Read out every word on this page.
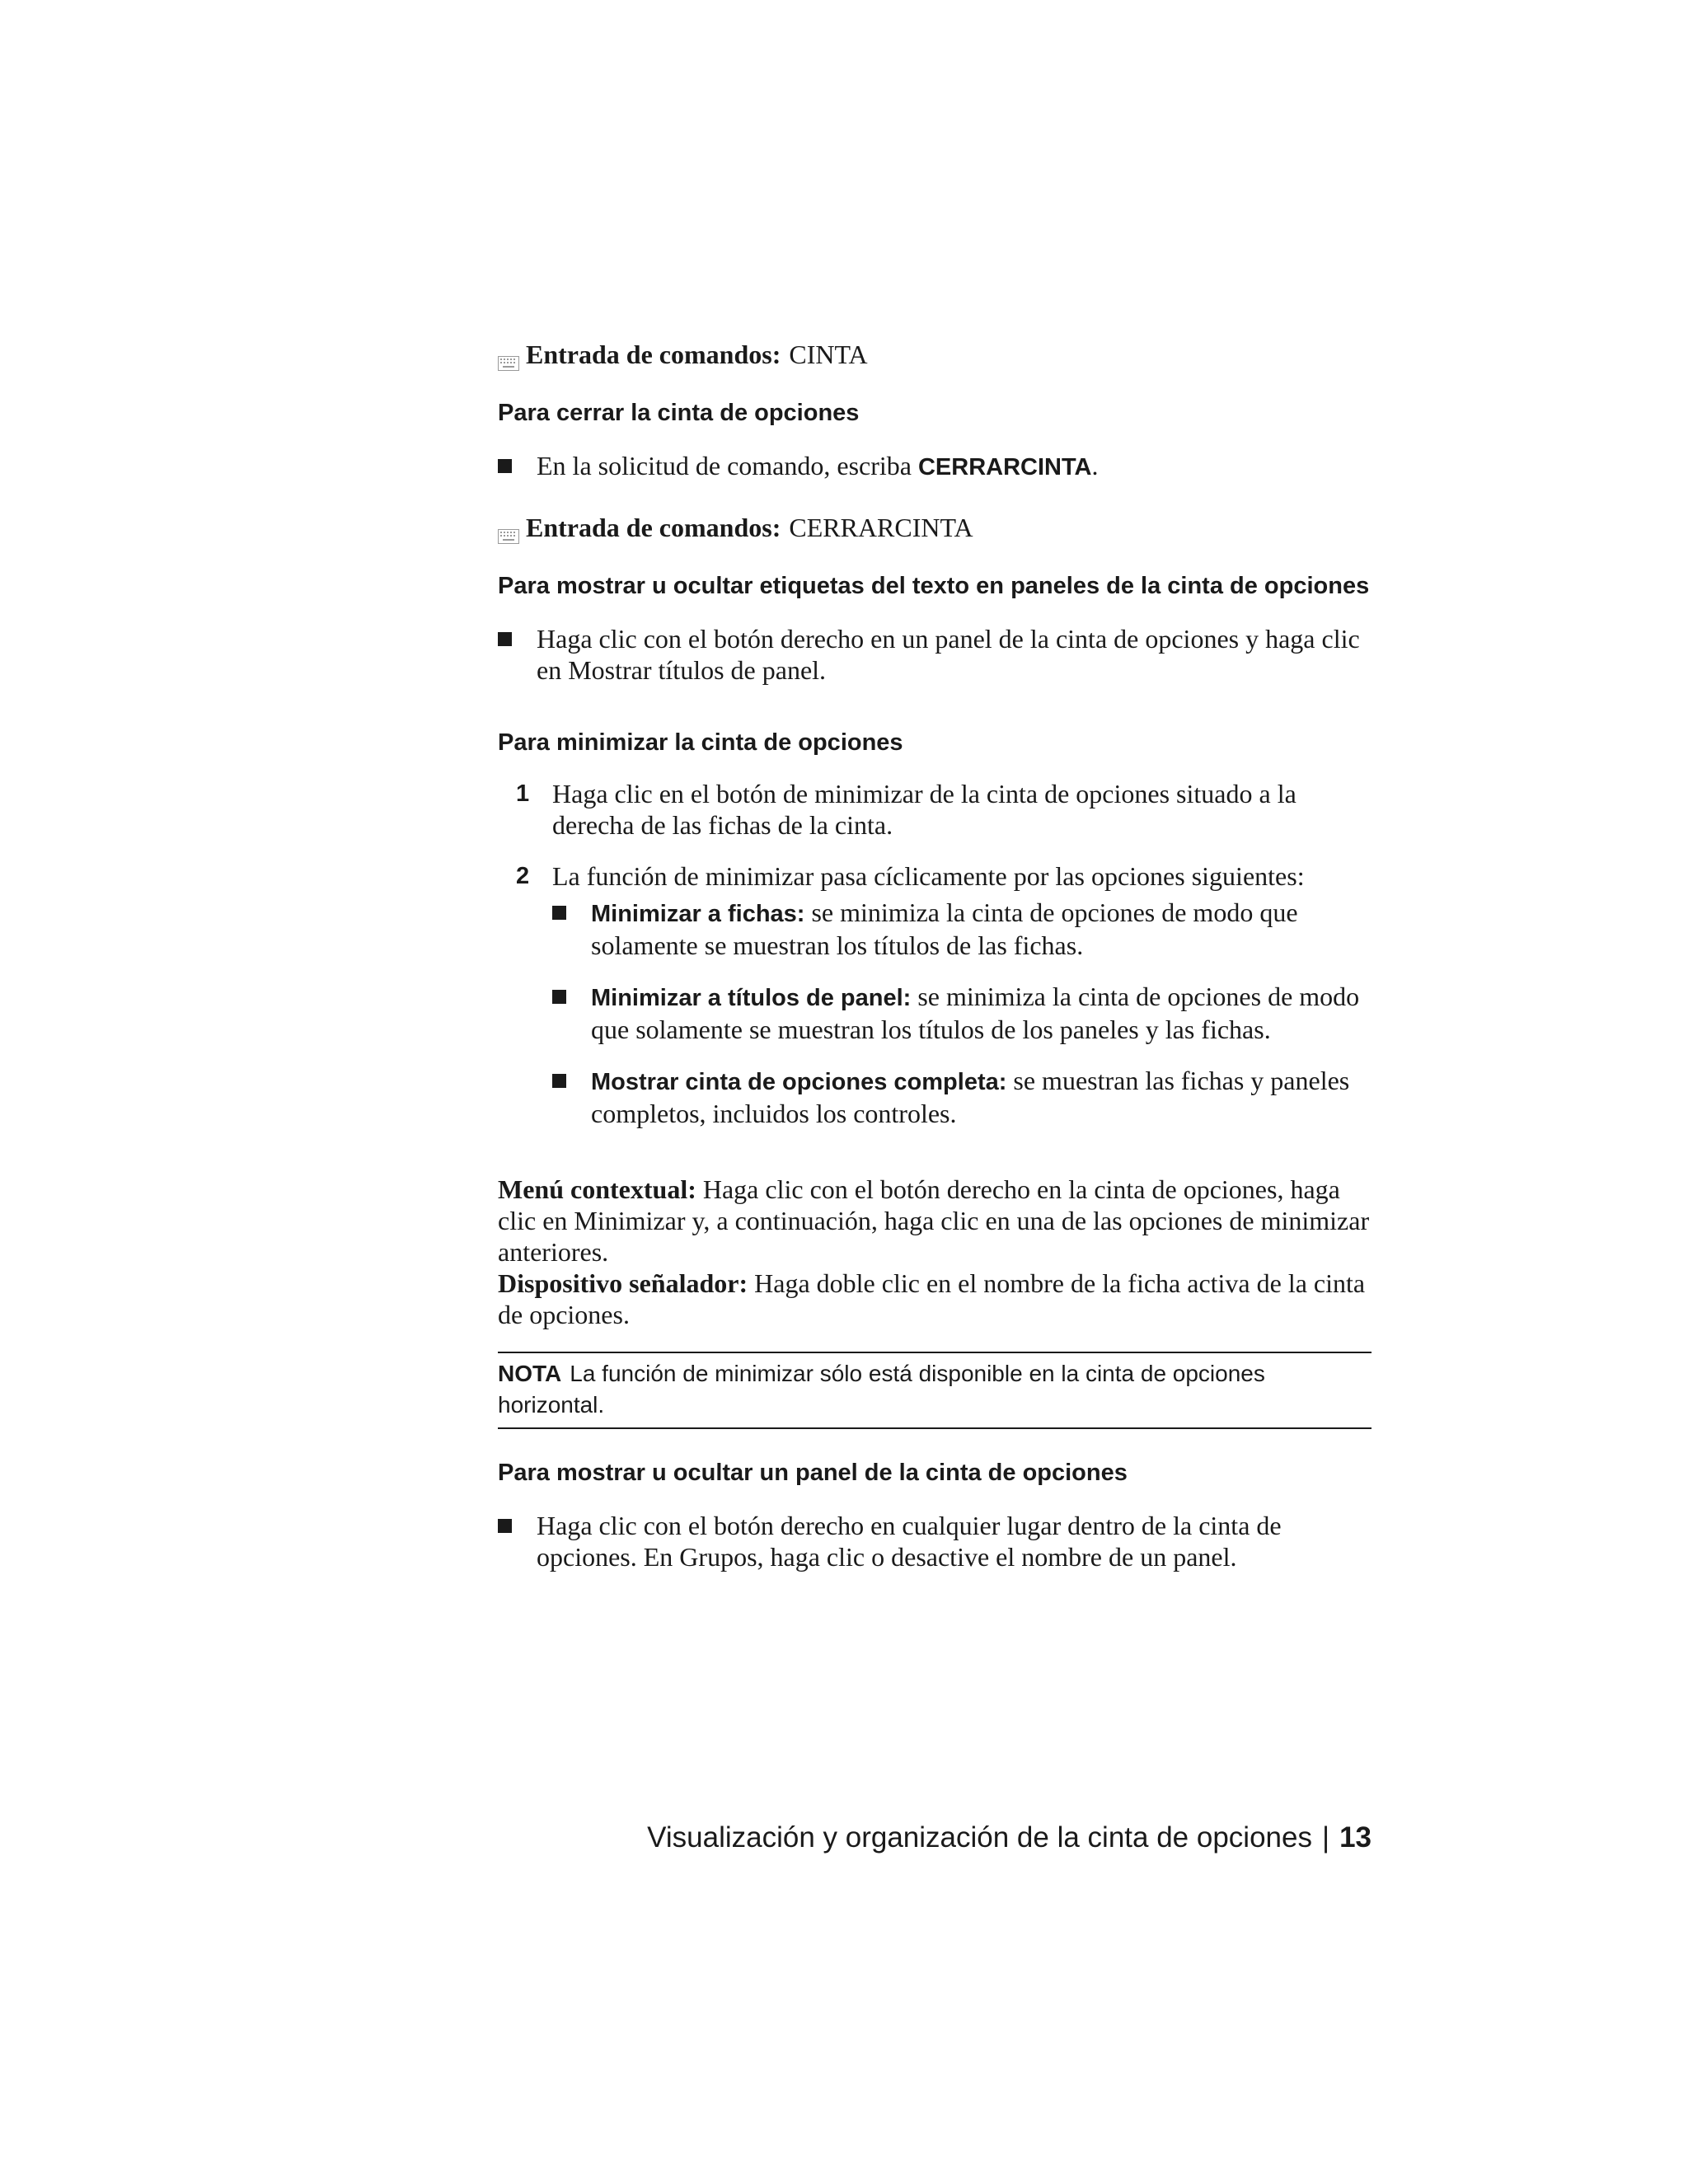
Entrada de comandos: CINTA
Para cerrar la cinta de opciones
En la solicitud de comando, escriba CERRARCINTA.
Entrada de comandos: CERRARCINTA
Para mostrar u ocultar etiquetas del texto en paneles de la cinta de opciones
Haga clic con el botón derecho en un panel de la cinta de opciones y haga clic en Mostrar títulos de panel.
Para minimizar la cinta de opciones
1 Haga clic en el botón de minimizar de la cinta de opciones situado a la derecha de las fichas de la cinta.
2 La función de minimizar pasa cíclicamente por las opciones siguientes:
Minimizar a fichas: se minimiza la cinta de opciones de modo que solamente se muestran los títulos de las fichas.
Minimizar a títulos de panel: se minimiza la cinta de opciones de modo que solamente se muestran los títulos de los paneles y las fichas.
Mostrar cinta de opciones completa: se muestran las fichas y paneles completos, incluidos los controles.
Menú contextual: Haga clic con el botón derecho en la cinta de opciones, haga clic en Minimizar y, a continuación, haga clic en una de las opciones de minimizar anteriores.
Dispositivo señalador: Haga doble clic en el nombre de la ficha activa de la cinta de opciones.
NOTA La función de minimizar sólo está disponible en la cinta de opciones horizontal.
Para mostrar u ocultar un panel de la cinta de opciones
Haga clic con el botón derecho en cualquier lugar dentro de la cinta de opciones. En Grupos, haga clic o desactive el nombre de un panel.
Visualización y organización de la cinta de opciones | 13
